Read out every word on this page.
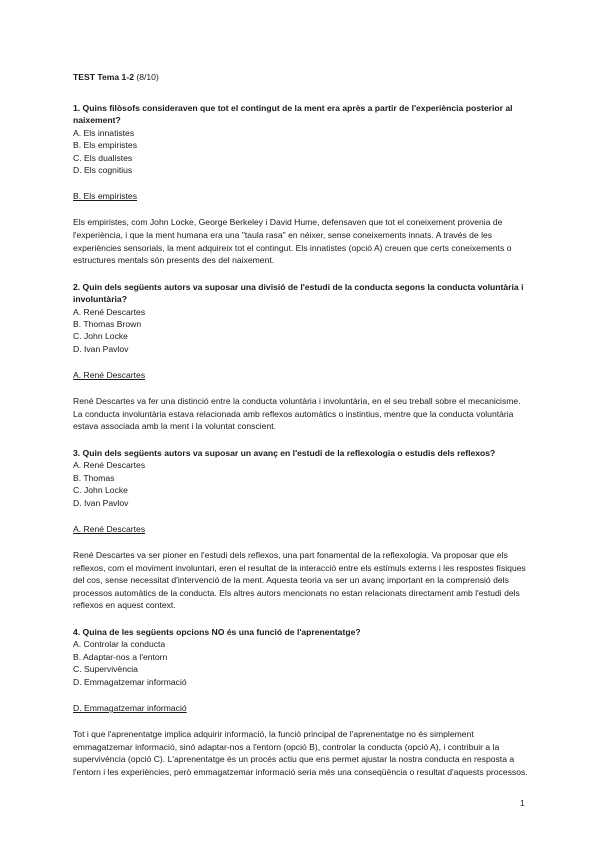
TEST Tema 1-2 (8/10)

1. Quins filòsofs consideraven que tot el contingut de la ment era après a partir de l'experiència posterior al naixement?

A. Els innatistes
B. Els empiristes
C. Els dualistes
D. Els cognitius
B. Els empiristes
Els empiristes, com John Locke, George Berkeley i David Hume, defensaven que tot el coneixement provenia de l'experiència, i que la ment humana era una "taula rasa" en néixer, sense coneixements innats. A través de les experiències sensorials, la ment adquireix tot el contingut. Els innatistes (opció A) creuen que certs coneixements o estructures mentals són presents des del naixement.

2. Quin dels següents autors va suposar una divisió de l'estudi de la conducta segons la conducta voluntària i involuntària?

A. René Descartes
B. Thomas Brown
C. John Locke
D. Ivan Pavlov
A. René Descartes
René Descartes va fer una distinció entre la conducta voluntària i involuntària, en el seu treball sobre el mecanicisme. La conducta involuntària estava relacionada amb reflexos automàtics o instintius, mentre que la conducta voluntària estava associada amb la ment i la voluntat conscient.

3. Quin dels següents autors va suposar un avanç en l'estudi de la reflexologia o estudis dels reflexos?

A. René Descartes
B. Thomas
C. John Locke
D. Ivan Pavlov
A. René Descartes
René Descartes va ser pioner en l'estudi dels reflexos, una part fonamental de la reflexologia. Va proposar que els reflexos, com el moviment involuntari, eren el resultat de la interacció entre els estímuls externs i les respostes físiques del cos, sense necessitat d'intervenció de la ment. Aquesta teoria va ser un avanç important en la comprensió dels processos automàtics de la conducta. Els altres autors mencionats no estan relacionats directament amb l'estudi dels reflexos en aquest context.

4. Quina de les següents opcions NO és una funció de l'aprenentatge?

A. Controlar la conducta
B. Adaptar-nos a l'entorn
C. Supervivència
D. Emmagatzemar informació
D. Emmagatzemar informació
Tot i que l'aprenentatge implica adquirir informació, la funció principal de l'aprenentatge no és simplement emmagatzemar informació, sinó adaptar-nos a l'entorn (opció B), controlar la conducta (opció A), i contribuir a la supervivència (opció C). L'aprenentatge és un procés actiu que ens permet ajustar la nostra conducta en resposta a l'entorn i les experiències, però emmagatzemar informació seria més una conseqüència o resultat d'aquests processos.
1
